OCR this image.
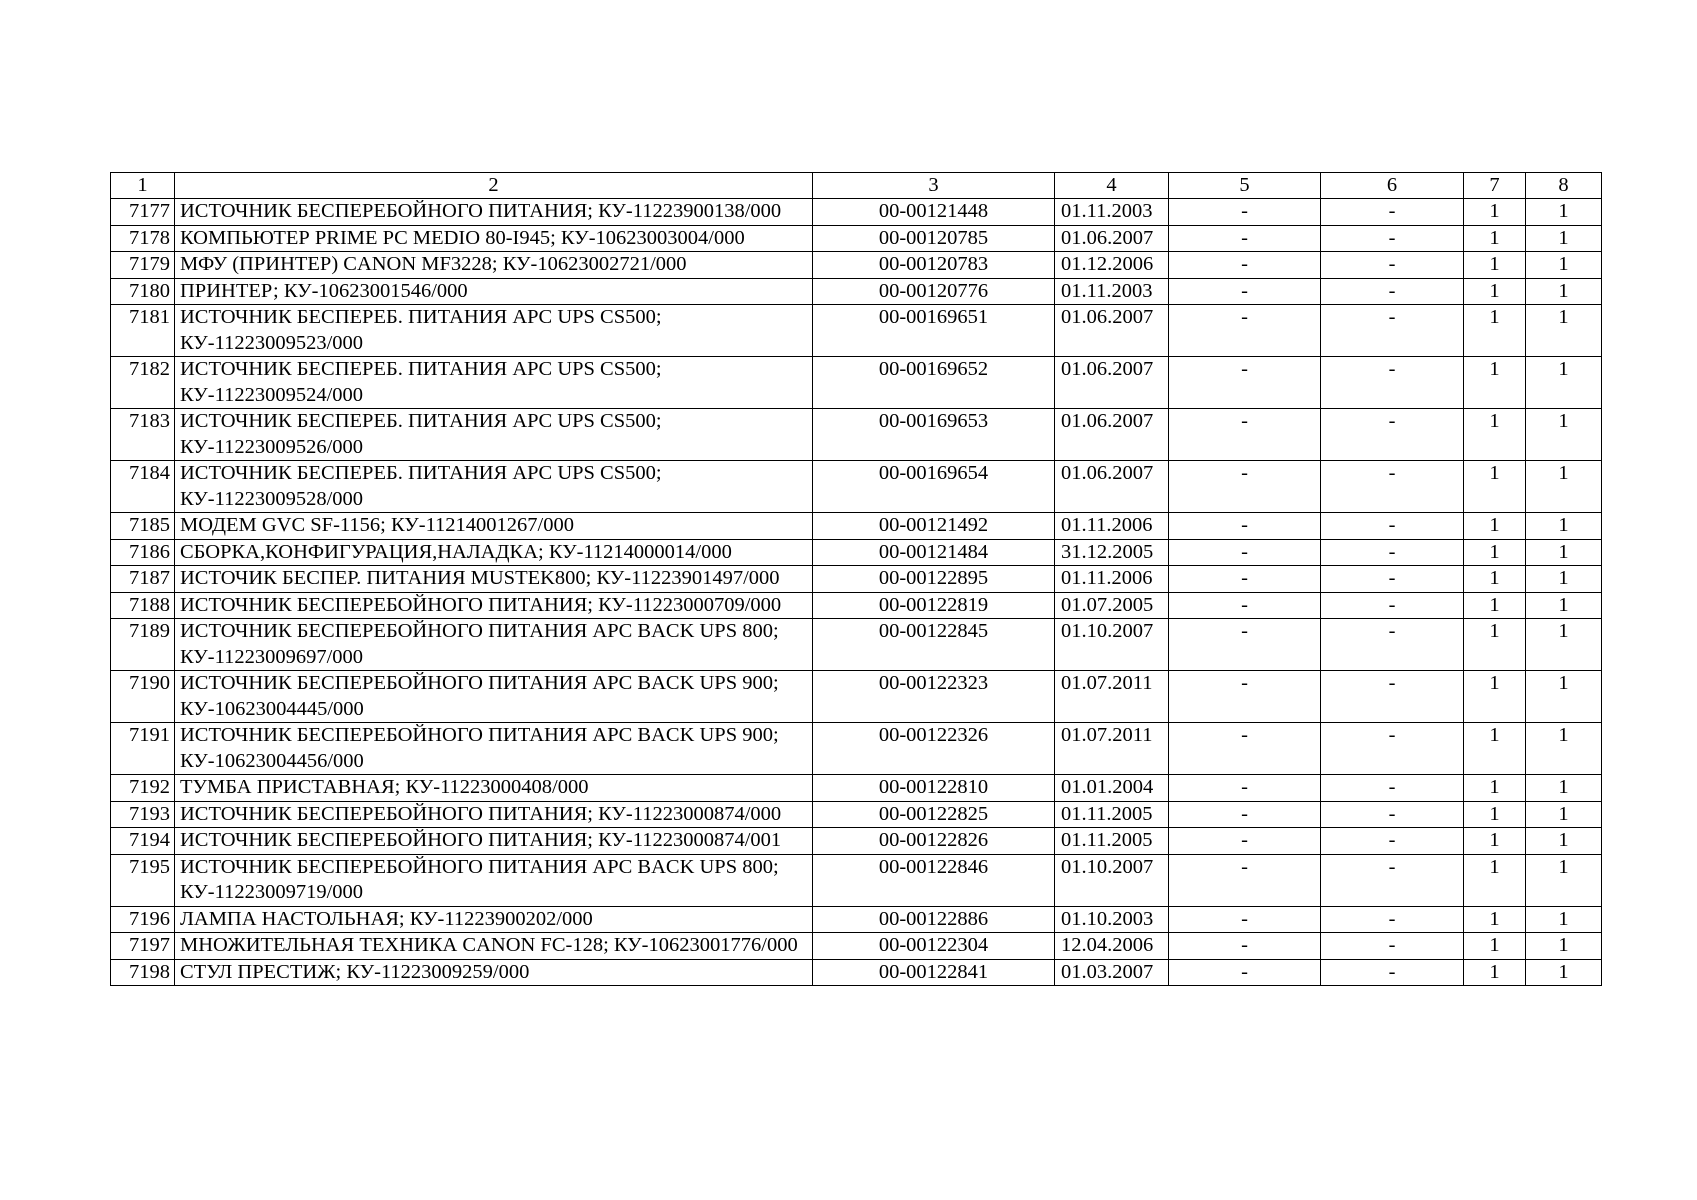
1	2	3	4	5	6	7	8
7177	ИСТОЧНИК БЕСПЕРЕБОЙНОГО ПИТАНИЯ; КУ-11223900138/000	00-00121448	01.11.2003	-	-	1	1
7178	КОМПЬЮТЕР PRIME PC MEDIO 80-I945; КУ-10623003004/000	00-00120785	01.06.2007	-	-	1	1
7179	МФУ (ПРИНТЕР) CANON MF3228; КУ-10623002721/000	00-00120783	01.12.2006	-	-	1	1
7180	ПРИНТЕР; КУ-10623001546/000	00-00120776	01.11.2003	-	-	1	1
7181	ИСТОЧНИК БЕСПЕРЕБ. ПИТАНИЯ APC UPS CS500; КУ-11223009523/000	00-00169651	01.06.2007	-	-	1	1
7182	ИСТОЧНИК БЕСПЕРЕБ. ПИТАНИЯ APC UPS CS500; КУ-11223009524/000	00-00169652	01.06.2007	-	-	1	1
7183	ИСТОЧНИК БЕСПЕРЕБ. ПИТАНИЯ APC UPS CS500; КУ-11223009526/000	00-00169653	01.06.2007	-	-	1	1
7184	ИСТОЧНИК БЕСПЕРЕБ. ПИТАНИЯ APC UPS CS500; КУ-11223009528/000	00-00169654	01.06.2007	-	-	1	1
7185	МОДЕМ GVC SF-1156; КУ-11214001267/000	00-00121492	01.11.2006	-	-	1	1
7186	СБОРКА,КОНФИГУРАЦИЯ,НАЛАДКА; КУ-11214000014/000	00-00121484	31.12.2005	-	-	1	1
7187	ИСТОЧИК БЕСПЕР. ПИТАНИЯ MUSTEK800; КУ-11223901497/000	00-00122895	01.11.2006	-	-	1	1
7188	ИСТОЧНИК БЕСПЕРЕБОЙНОГО ПИТАНИЯ; КУ-11223000709/000	00-00122819	01.07.2005	-	-	1	1
7189	ИСТОЧНИК БЕСПЕРЕБОЙНОГО ПИТАНИЯ APC BACK UPS 800; КУ-11223009697/000	00-00122845	01.10.2007	-	-	1	1
7190	ИСТОЧНИК БЕСПЕРЕБОЙНОГО ПИТАНИЯ APC BACK UPS 900; КУ-10623004445/000	00-00122323	01.07.2011	-	-	1	1
7191	ИСТОЧНИК БЕСПЕРЕБОЙНОГО ПИТАНИЯ APC BACK UPS 900; КУ-10623004456/000	00-00122326	01.07.2011	-	-	1	1
7192	ТУМБА ПРИСТАВНАЯ; КУ-11223000408/000	00-00122810	01.01.2004	-	-	1	1
7193	ИСТОЧНИК БЕСПЕРЕБОЙНОГО ПИТАНИЯ; КУ-11223000874/000	00-00122825	01.11.2005	-	-	1	1
7194	ИСТОЧНИК БЕСПЕРЕБОЙНОГО ПИТАНИЯ; КУ-11223000874/001	00-00122826	01.11.2005	-	-	1	1
7195	ИСТОЧНИК БЕСПЕРЕБОЙНОГО ПИТАНИЯ APC BACK UPS 800; КУ-11223009719/000	00-00122846	01.10.2007	-	-	1	1
7196	ЛАМПА НАСТОЛЬНАЯ; КУ-11223900202/000	00-00122886	01.10.2003	-	-	1	1
7197	МНОЖИТЕЛЬНАЯ ТЕХНИКА CANON FC-128; КУ-10623001776/000	00-00122304	12.04.2006	-	-	1	1
7198	СТУЛ ПРЕСТИЖ; КУ-11223009259/000	00-00122841	01.03.2007	-	-	1	1
